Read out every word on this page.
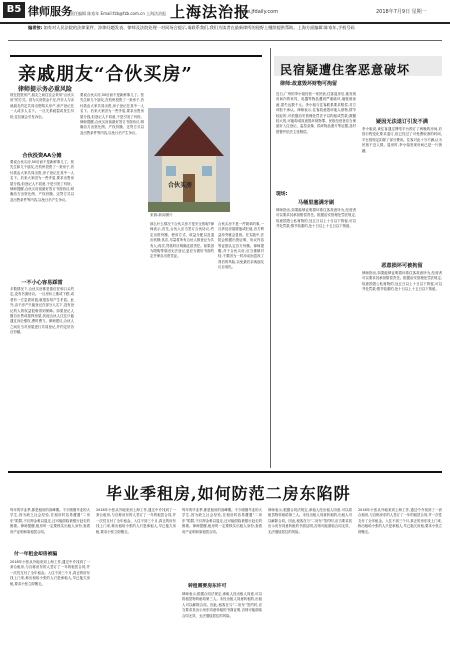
B5 律师服务
责任编辑 陈家年 Email:fzb@fzb.com.cn 上海法治报 上海法治报
www.jfdaily.com	2018年7月9日 星期一
编者按: 如有对人民法院的法律案件、涉律问题发表、律师及法院处理一对同场合提示,请联系我们,我们为读者在最新律所的视野上继续提供帮助。上海方面编辑:陈家年,手机号码
亲戚朋友“合伙买房”
律师提示务必重风险
现在投资房产,朋友之间往往会采用“合伙买房”的方式。因为买房资金不足,许多人与亲戚朋友约定共同出资购买房产,房产登记在一人或多人名下。一旦关系破裂或发生纠纷,往往就会引发诉讼。
合伙投资AA分摊
要说合伙买房,50后而不是新鲜事儿了。张先生和几个朋友,在杭州投资了一套房子,首付款由大家共同出资,房子登记在其中一人名下。后来大家因为一些矛盾,要求出售房屋分钱,但登记人不同意,于是引发了纠纷。律师提醒,合伙买房前最好签订书面协议,明确各方出资比例、产权份额、还贷方式以及出售条件等内容,以免日后产生争议。
一不小心容易踩雷
多数情况下,合伙买房都是靠信任和口头约定,没有书面协议。一旦房价上涨或下跌,或者有一方急需用钱,就很容易产生矛盾。此外,由于房产只能登记在部分人名下,没有登记的人的权益很难得到保障。如果登记人擅自出售或抵押房屋,其他合伙人往往只能通过诉讼维权,费时费力。律师建议,合伙人之间应当对房屋进行共同登记,并约定好各自份额。
要说合伙买房,50后而不是新鲜事儿了。张先生和几个朋友,在杭州投资了一套房子,首付款由大家共同出资,房子登记在其中一人名下。后来大家因为一些矛盾,要求出售房屋分钱,但登记人不同意,于是引发了纠纷。律师提醒,合伙买房前最好签订书面协议,明确各方出资比例、产权份额、还贷方式以及出售条件等内容,以免日后产生争议。
合伙买房
来源:新闻图片
那么什么情况下合伙买房才是安全的呢?律师表示,首先,合伙人应当签订合伙协议,约定出资份额、使用方式、收益分配以及退出机制;其次,尽量将所有合伙人都登记为共有人;再次,贷款时应明确还款责任。如果因为限购等原因无法登记,更应当做好书面约定并保存出资凭证。
合伙买房不是一件简单的事,一旦涉及房屋增值或贬值,各方利益冲突就会显现。在实践中,法院会根据出资证明、协议内容等证据认定各方份额。律师提醒,对于合伙买房,应当谨慎对待,不要因为一时冲动而忽视了背后的风险,以免最后亲戚朋友反目成仇。
民宿疑遭住客恶意破坏
律师:故意毁坏财物可拘留
近日,广州的李小姐经营一家民宿,住客退房后,她发现房间内的家具、电器等物品遭到严重破坏,墙壁被涂画,损失达数千元。李小姐与住客联系要求赔偿,对方却拒不承认。律师表示,住客故意毁坏他人财物,情节较轻的,可依据治安管理处罚法予以拘留或罚款;数额较大的,可能构成故意毁坏财物罪。民宿经营者应当保留好入住登记、监控录像、损坏物品照片等证据,及时报警并依法主张赔偿。
现场:
马桶里塞满牙刷
律师指出,如果能够证明损坏系住客故意所为,经营者可以要求其承担赔偿责任。根据治安管理处罚法规定,故意损毁公私财物的,处五日以上十日以下拘留,可以并处罚款;情节较重的,处十日以上十五日以下拘留。
疑因无法退订引发不满
李小姐说,该住客通过网络平台预订了两晚的房间,后因行程变化要求退订,但已经过了可免费取消的时间,平台按规定扣除了部分费用。住客对此十分不满,认为民宿不近人情。退房时,李小姐发现房间已是一片狼藉。
恶意损坏可被拘留
律师指出,如果能够证明损坏系住客故意所为,经营者可以要求其承担赔偿责任。根据治安管理处罚法规定,故意损毁公私财物的,处五日以上十日以下拘留,可以并处罚款;情节较重的,处十日以上十五日以下拘留。
毕业季租房,如何防范二房东陷阱
每年的毕业季,都是租房的高峰期。不少刚刚毕业的大学生,因为缺乏社会经验,在租房时容易遭遇“二房东”陷阱,不仅押金难以退还,还可能面临被强行赶走的困境。律师提醒,租房时一定要核实出租人身份,查看房产证明和原租赁合同。
付一年租金却房被骗
2018年小张从外地来到上海工作,通过中介找到了一套合租房,与自称房东的人签订了一年的租赁合同,并一次性支付了全年租金。入住不到三个月,真正的房东找上门来,称出租给小张的人只是承租人,早已拖欠房租,要求小张立即搬走。
2018年小张从外地来到上海工作,通过中介找到了一套合租房,与自称房东的人签订了一年的租赁合同,并一次性支付了全年租金。入住不到三个月,真正的房东找上门来,称出租给小张的人只是承租人,早已拖欠房租,要求小张立即搬走。
每年的毕业季,都是租房的高峰期。不少刚刚毕业的大学生,因为缺乏社会经验,在租房时容易遭遇“二房东”陷阱,不仅押金难以退还,还可能面临被强行赶走的困境。律师提醒,租房时一定要核实出租人身份,查看房产证明和原租赁合同。
转租需要房东许可
律师表示,根据合同法规定,承租人经出租人同意,可以将租赁物转租给第三人。未经出租人同意转租的,出租人可以解除合同。因此,租客在与“二房东”签约时,应当要求其出示房东同意转租的书面证明,否则可能面临合同无效、无法继续居住的风险。
律师表示,根据合同法规定,承租人经出租人同意,可以将租赁物转租给第三人。未经出租人同意转租的,出租人可以解除合同。因此,租客在与“二房东”签约时,应当要求其出示房东同意转租的书面证明,否则可能面临合同无效、无法继续居住的风险。
2018年小张从外地来到上海工作,通过中介找到了一套合租房,与自称房东的人签订了一年的租赁合同,并一次性支付了全年租金。入住不到三个月,真正的房东找上门来,称出租给小张的人只是承租人,早已拖欠房租,要求小张立即搬走。
